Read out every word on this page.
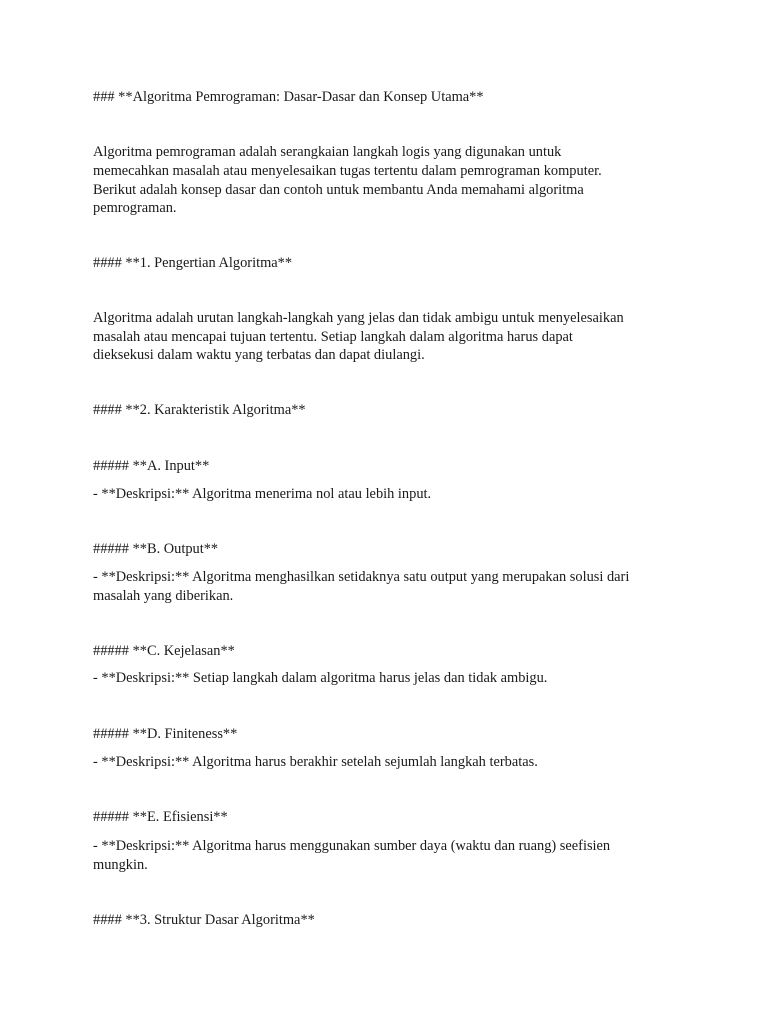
### **Algoritma Pemrograman: Dasar-Dasar dan Konsep Utama**

Algoritma pemrograman adalah serangkaian langkah logis yang digunakan untuk

memecahkan masalah atau menyelesaikan tugas tertentu dalam pemrograman komputer.

Berikut adalah konsep dasar dan contoh untuk membantu Anda memahami algoritma

pemrograman.

#### **1. Pengertian Algoritma**

Algoritma adalah urutan langkah-langkah yang jelas dan tidak ambigu untuk menyelesaikan

masalah atau mencapai tujuan tertentu. Setiap langkah dalam algoritma harus dapat

dieksekusi dalam waktu yang terbatas dan dapat diulangi.

#### **2. Karakteristik Algoritma**

##### **A. Input**

- **Deskripsi:** Algoritma menerima nol atau lebih input.

##### **B. Output**

- **Deskripsi:** Algoritma menghasilkan setidaknya satu output yang merupakan solusi dari

masalah yang diberikan.

##### **C. Kejelasan**

- **Deskripsi:** Setiap langkah dalam algoritma harus jelas dan tidak ambigu.

##### **D. Finiteness**

- **Deskripsi:** Algoritma harus berakhir setelah sejumlah langkah terbatas.

##### **E. Efisiensi**

- **Deskripsi:** Algoritma harus menggunakan sumber daya (waktu dan ruang) seefisien

mungkin.

#### **3. Struktur Dasar Algoritma**
